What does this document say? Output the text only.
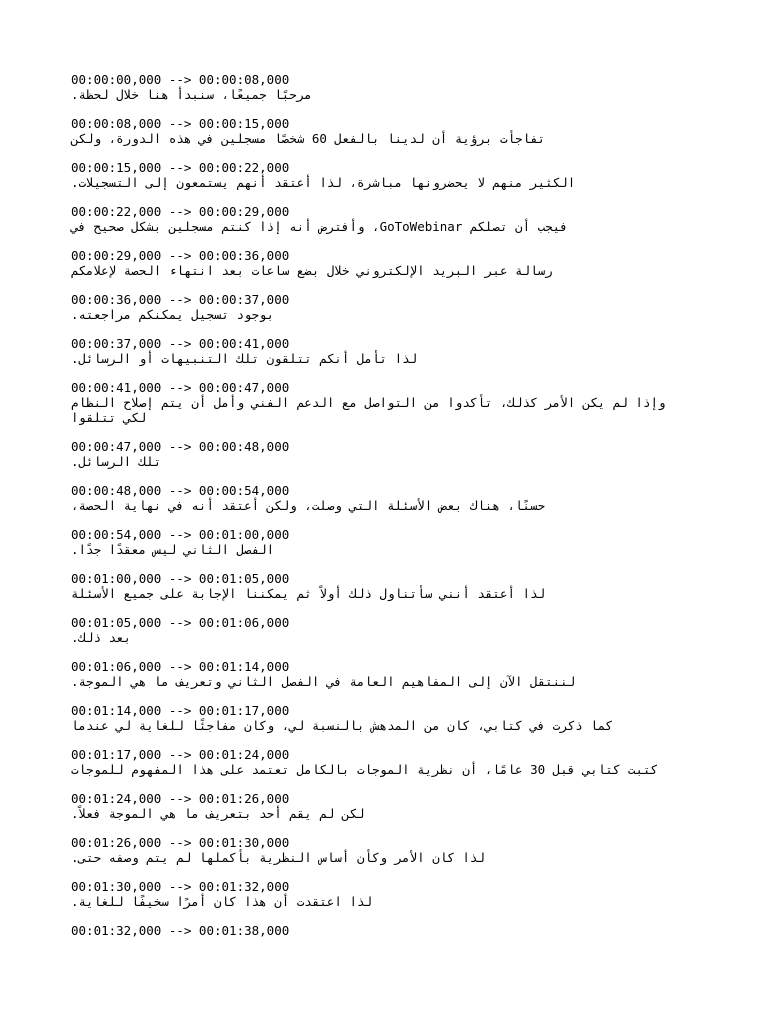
00:00:00,000 --> 00:00:08,000
مرحبًا جميعًا، سنبدأ هنا خلال لحظة.
00:00:08,000 --> 00:00:15,000
تفاجأت برؤية أن لدينا بالفعل 60 شخصًا مسجلين في هذه الدورة، ولكن
00:00:15,000 --> 00:00:22,000
الكثير منهم لا يحضرونها مباشرة، لذا أعتقد أنهم يستمعون إلى التسجيلات.
00:00:22,000 --> 00:00:29,000
فيجب أن تصلكم GoToWebinar، وأفترض أنه إذا كنتم مسجلين بشكل صحيح في
00:00:29,000 --> 00:00:36,000
رسالة عبر البريد الإلكتروني خلال بضع ساعات بعد انتهاء الحصة لإعلامكم
00:00:36,000 --> 00:00:37,000
بوجود تسجيل يمكنكم مراجعته.
00:00:37,000 --> 00:00:41,000
لذا تأمل أنكم تتلقون تلك التنبيهات أو الرسائل.
00:00:41,000 --> 00:00:47,000
وإذا لم يكن الأمر كذلك، تأكدوا من التواصل مع الدعم الفني وأمل أن يتم إصلاح النظام لكي تتلقوا
00:00:47,000 --> 00:00:48,000
تلك الرسائل.
00:00:48,000 --> 00:00:54,000
حسنًا، هناك بعض الأسئلة التي وصلت، ولكن أعتقد أنه في نهاية الحصة،
00:00:54,000 --> 00:01:00,000
الفصل الثاني ليس معقدًا جدًا.
00:01:00,000 --> 00:01:05,000
لذا أعتقد أنني سأتناول ذلك أولاً ثم يمكننا الإجابة على جميع الأسئلة
00:01:05,000 --> 00:01:06,000
بعد ذلك.
00:01:06,000 --> 00:01:14,000
لننتقل الآن إلى المفاهيم العامة في الفصل الثاني وتعريف ما هي الموجة.
00:01:14,000 --> 00:01:17,000
كما ذكرت في كتابي، كان من المدهش بالنسبة لي، وكان مفاجئًا للغاية لي عندما
00:01:17,000 --> 00:01:24,000
كتبت كتابي قبل 30 عامًا، أن نظرية الموجات بالكامل تعتمد على هذا المفهوم للموجات
00:01:24,000 --> 00:01:26,000
لكن لم يقم أحد بتعريف ما هي الموجة فعلاً.
00:01:26,000 --> 00:01:30,000
لذا كان الأمر وكأن أساس النظرية بأكملها لم يتم وصفه حتى.
00:01:30,000 --> 00:01:32,000
لذا اعتقدت أن هذا كان أمرًا سخيفًا للغاية.
00:01:32,000 --> 00:01:38,000
